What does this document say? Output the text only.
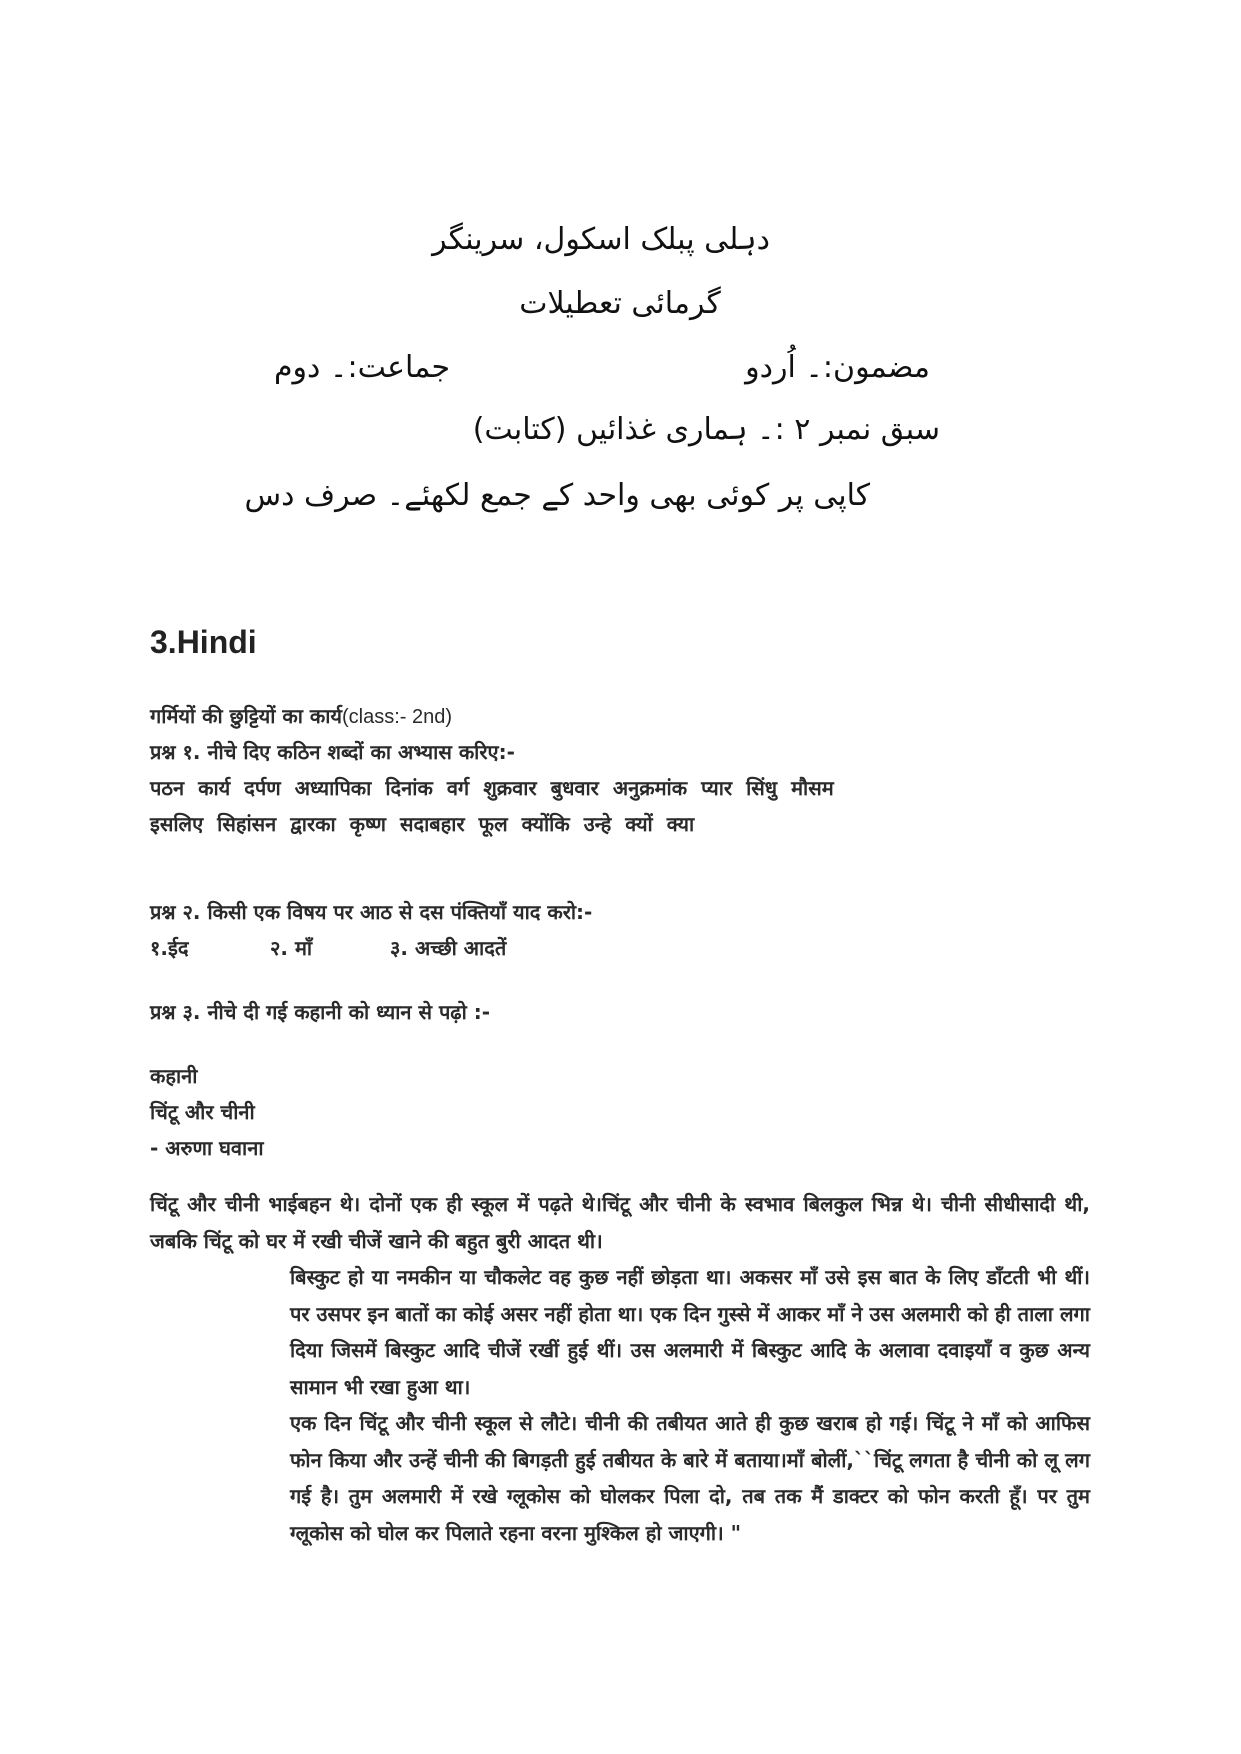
دہلی پبلک اسکول، سرینگر
گرمائی تعطیلات
مضمون:۔ اُردو
جماعت:۔ دوم
سبق نمبر ۲ :۔ ہماری غذائیں (کتابت)
کاپی پر کوئی بھی واحد کے جمع لکھئے۔ صرف دس
3.Hindi
गर्मियों की छुट्टियों का कार्य(class:- 2nd)
प्रश्न १. नीचे दिए कठिन शब्दों का अभ्यास करिए:-
पठन कार्य दर्पण अध्यापिका दिनांक वर्ग शुक्रवार बुधवार अनुक्रमांक प्यार सिंधु मौसम
इसलिए सिहांसन द्वारका कृष्ण सदाबहार फूल क्योंकि उन्हे क्यों क्या
प्रश्न २. किसी एक विषय पर आठ से दस पंक्तियाँ याद करो:-
१.ईद	२. माँ	३. अच्छी आदतें
प्रश्न ३. नीचे दी गई कहानी को ध्यान से पढ़ो :-
कहानी
चिंटू और चीनी
- अरुणा घवाना

चिंटू और चीनी भाईबहन थे। दोनों एक ही स्कूल में पढ़ते थे।चिंटू और चीनी के स्वभाव बिलकुल भिन्न थे। चीनी सीधीसादी थी, जबकि चिंटू को घर में रखी चीजें खाने की बहुत बुरी आदत थी।

बिस्कुट हो या नमकीन या चौकलेट वह कुछ नहीं छोड़ता था। अकसर माँ उसे इस बात के लिए डाँटती भी थीं। पर उसपर इन बातों का कोई असर नहीं होता था। एक दिन गुस्से में आकर माँ ने उस अलमारी को ही ताला लगा दिया जिसमें बिस्कुट आदि चीजें रखीं हुई थीं। उस अलमारी में बिस्कुट आदि के अलावा दवाइयाँ व कुछ अन्य सामान भी रखा हुआ था।

एक दिन चिंटू और चीनी स्कूल से लौटे। चीनी की तबीयत आते ही कुछ खराब हो गई। चिंटू ने माँ को आफिस फोन किया और उन्हें चीनी की बिगड़ती हुई तबीयत के बारे में बताया।माँ बोलीं,``चिंटू लगता है चीनी को लू लग गई है। तुम अलमारी में रखे ग्लूकोस को घोलकर पिला दो, तब तक मैं डाक्टर को फोन करती हूँ। पर तुम ग्लूकोस को घोल कर पिलाते रहना वरना मुश्किल हो जाएगी। "
